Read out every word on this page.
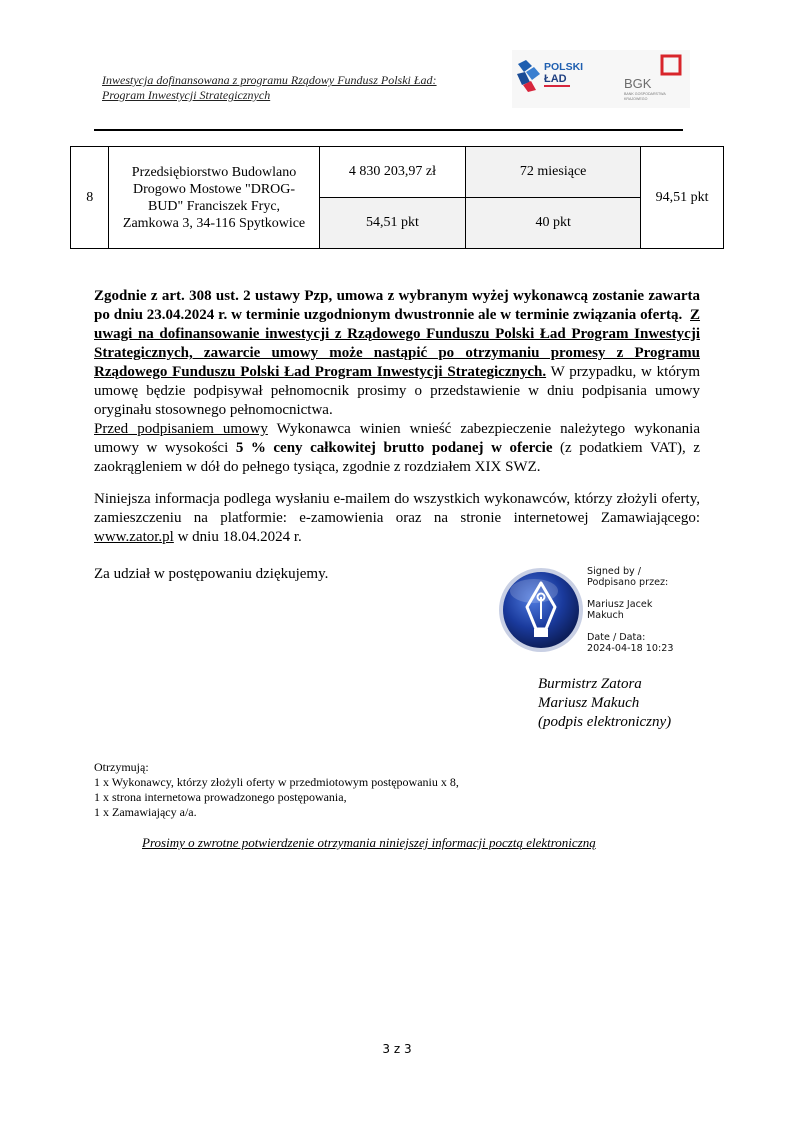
Inwestycja dofinansowana z programu Rządowy Fundusz Polski Ład:
Program Inwestycji Strategicznych
POLSKI
ŁAD	BGK
BANK GOSPODARSTWA
KRAJOWEGO
8	Przedsiębiorstwo Budowlano
Drogowo Mostowe "DROG-
BUD" Franciszek Fryc,
Zamkowa 3, 34-116 Spytkowice	4 830 203,97 zł	72 miesiące	94,51 pkt
		54,51 pkt	40 pkt	
Zgodnie z art. 308 ust. 2 ustawy Pzp, umowa z wybranym wyżej wykonawcą zostanie zawarta po dniu 23.04.2024 r. w terminie uzgodnionym dwustronnie ale w terminie związania ofertą. Z uwagi na dofinansowanie inwestycji z Rządowego Funduszu Polski Ład Program Inwestycji Strategicznych, zawarcie umowy może nastąpić po otrzymaniu promesy z Programu Rządowego Funduszu Polski Ład Program Inwestycji Strategicznych. W przypadku, w którym umowę będzie podpisywał pełnomocnik prosimy o przedstawienie w dniu podpisania umowy oryginału stosownego pełnomocnictwa.
Przed podpisaniem umowy Wykonawca winien wnieść zabezpieczenie należytego wykonania umowy w wysokości 5 % ceny całkowitej brutto podanej w ofercie (z podatkiem VAT), z zaokrągleniem w dół do pełnego tysiąca, zgodnie z rozdziałem XIX SWZ.
Niniejsza informacja podlega wysłaniu e-mailem do wszystkich wykonawców, którzy złożyli oferty, zamieszczeniu na platformie: e-zamowienia oraz na stronie internetowej Zamawiającego: www.zator.pl w dniu 18.04.2024 r.
Za udział w postępowaniu dziękujemy.	Signed by /
Podpisano przez:
Mariusz Jacek
Makuch
Date / Data:
2024-04-18 10:23
Burmistrz Zatora
Mariusz Makuch
(podpis elektroniczny)
Otrzymują:
1 x Wykonawcy, którzy złożyli oferty w przedmiotowym postępowaniu x 8,
1 x strona internetowa prowadzonego postępowania,
1 x Zamawiający a/a.
Prosimy o zwrotne potwierdzenie otrzymania niniejszej informacji pocztą elektroniczną
3 z 3
